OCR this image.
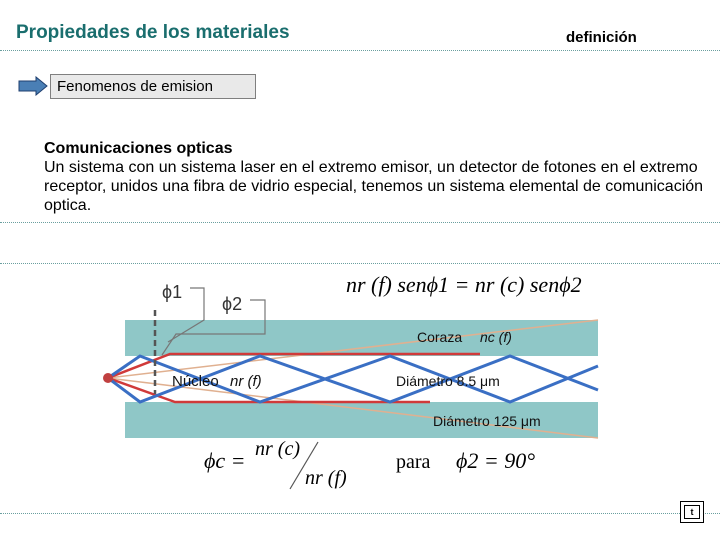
Propiedades de los materiales	definición
Fenomenos de emision
Comunicaciones opticas
Un sistema con un sistema laser en el extremo emisor, un detector de fotones en el extremo receptor, unidos una fibra de vidrio especial, tenemos un sistema elemental de comunicación optica.
ϕ1
ϕ2
Coraza nc (f)
Núcleo nr (f)	Diámetro 8.5 μm
Diámetro 125 μm
nr (f) senϕ1 = nr (c) senϕ2
ϕc = nr (c)
nr (f)
para ϕ2 = 90°
t
